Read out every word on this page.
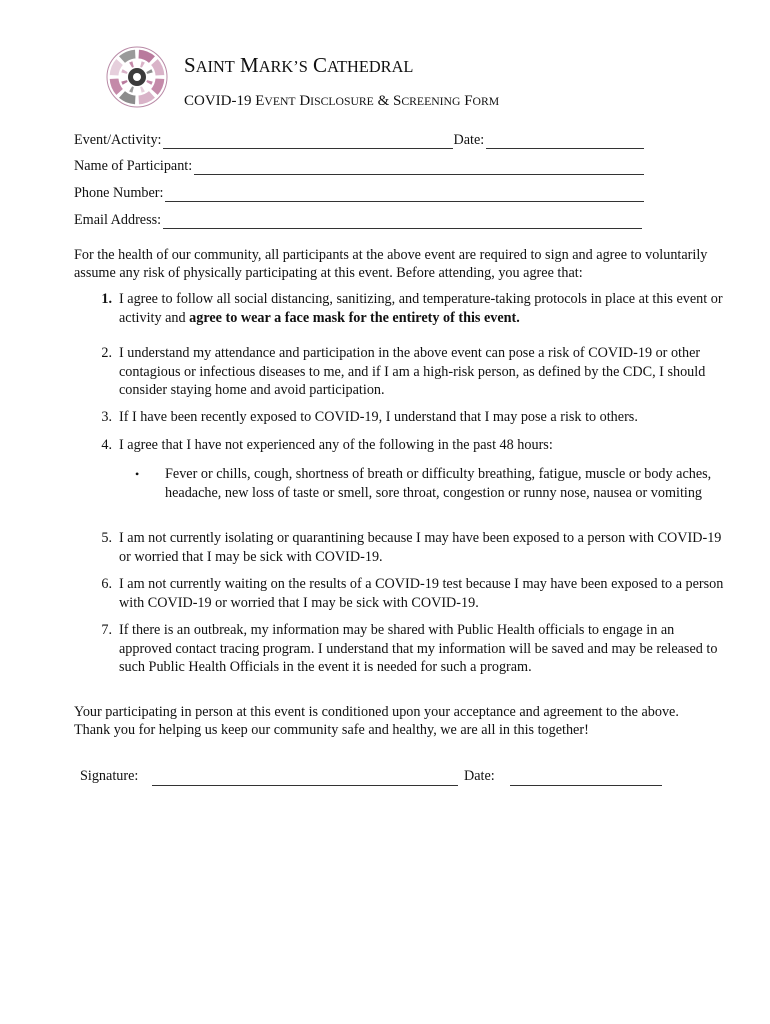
SAINT MARK’S CATHEDRAL
COVID-19 EVENT DISCLOSURE & SCREENING FORM
Event/Activity:	Date:
Name of Participant:
Phone Number:
Email Address:
For the health of our community, all participants at the above event are required to sign and agree to voluntarily assume any risk of physically participating at this event. Before attending, you agree that:
1. I agree to follow all social distancing, sanitizing, and temperature-taking protocols in place at this event or activity and agree to wear a face mask for the entirety of this event.
2. I understand my attendance and participation in the above event can pose a risk of COVID-19 or other contagious or infectious diseases to me, and if I am a high-risk person, as defined by the CDC, I should consider staying home and avoid participation.
3. If I have been recently exposed to COVID-19, I understand that I may pose a risk to others.
4. I agree that I have not experienced any of the following in the past 48 hours:
5. I am not currently isolating or quarantining because I may have been exposed to a person with COVID-19 or worried that I may be sick with COVID-19.
6. I am not currently waiting on the results of a COVID-19 test because I may have been exposed to a person with COVID-19 or worried that I may be sick with COVID-19.
7. If there is an outbreak, my information may be shared with Public Health officials to engage in an approved contact tracing program. I understand that my information will be saved and may be released to such Public Health Officials in the event it is needed for such a program.
• Fever or chills, cough, shortness of breath or difficulty breathing, fatigue, muscle or body aches, headache, new loss of taste or smell, sore throat, congestion or runny nose, nausea or vomiting
Your participating in person at this event is conditioned upon your acceptance and agreement to the above. Thank you for helping us keep our community safe and healthy, we are all in this together!
Signature:	Date:
